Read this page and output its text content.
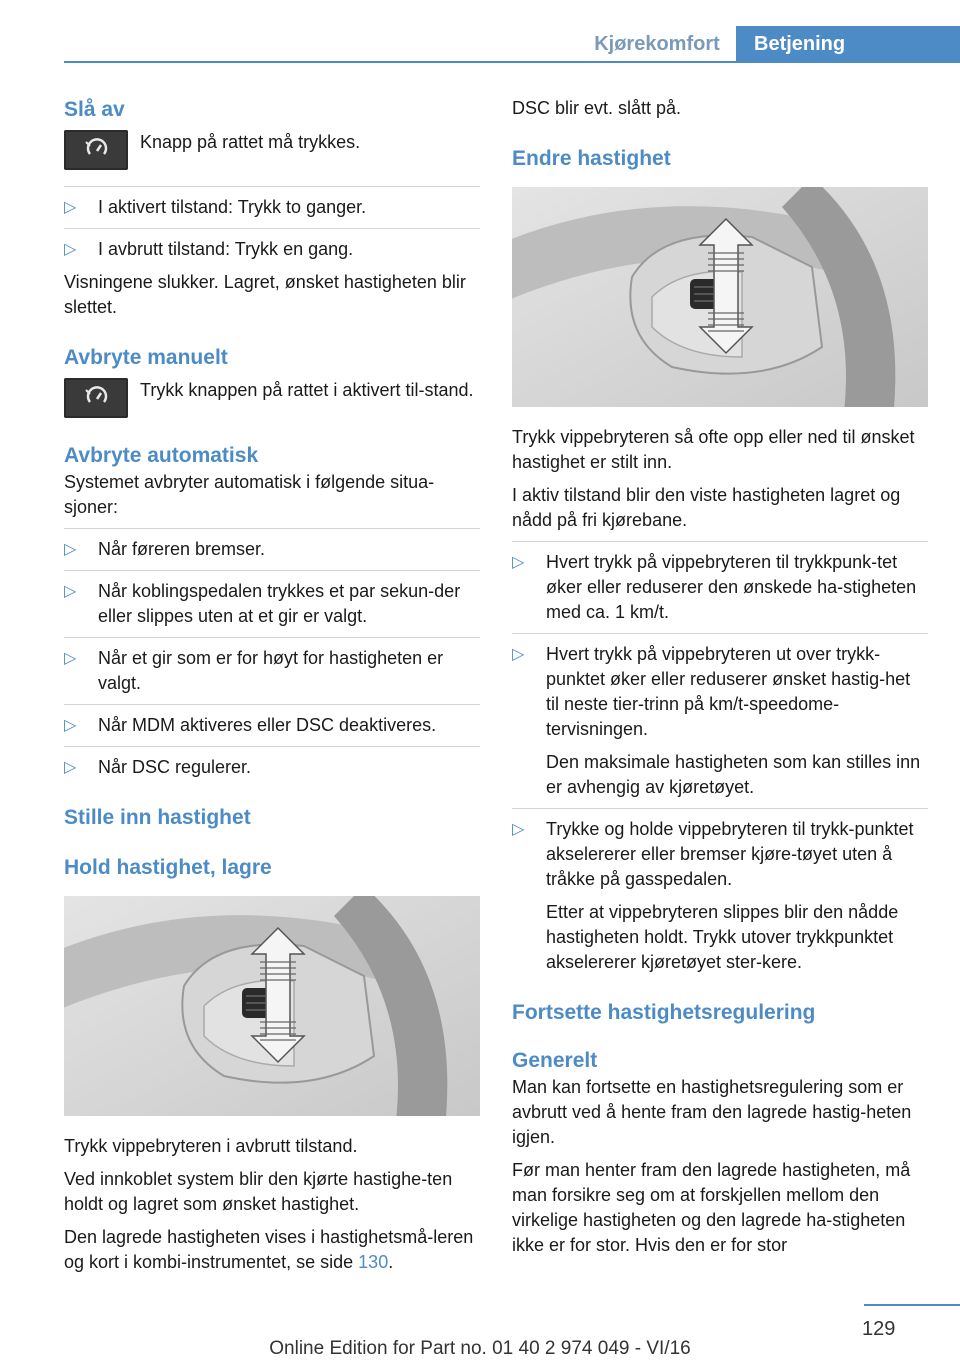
Kjørekomfort	Betjening
Slå av
Knapp på rattet må trykkes.
▷ I aktivert tilstand: Trykk to ganger.
▷ I avbrutt tilstand: Trykk en gang.

Visningene slukker. Lagret, ønsket hastigheten blir slettet.

Avbryte manuelt
Trykk knappen på rattet i aktivert til-stand.
Avbryte automatisk

Systemet avbryter automatisk i følgende situa-sjoner:

▷ Når føreren bremser.
▷ Når koblingspedalen trykkes et par sekun-der eller slippes uten at et gir er valgt.
▷ Når et gir som er for høyt for hastigheten er valgt.
▷ Når MDM aktiveres eller DSC deaktiveres.
▷ Når DSC regulerer.
Stille inn hastighet
Hold hastighet, lagre

Trykk vippebryteren i avbrutt tilstand.

Ved innkoblet system blir den kjørte hastighe-ten holdt og lagret som ønsket hastighet.

Den lagrede hastigheten vises i hastighetsmå-leren og kort i kombi-instrumentet, se side 130.

DSC blir evt. slått på.

Endre hastighet

Trykk vippebryteren så ofte opp eller ned til ønsket hastighet er stilt inn.

I aktiv tilstand blir den viste hastigheten lagret og nådd på fri kjørebane.

▷ Hvert trykk på vippebryteren til trykkpunk-tet øker eller reduserer den ønskede ha-stigheten med ca. 1 km/t.
▷ Hvert trykk på vippebryteren ut over trykk-punktet øker eller reduserer ønsket hastig-het til neste tier-trinn på km/t-speedome-tervisningen.
Den maksimale hastigheten som kan stilles inn er avhengig av kjøretøyet.
▷ Trykke og holde vippebryteren til trykk-punktet akselererer eller bremser kjøre-tøyet uten å tråkke på gasspedalen.
Etter at vippebryteren slippes blir den nådde hastigheten holdt. Trykk utover trykkpunktet akselererer kjøretøyet ster-kere.
Fortsette hastighetsregulering
Generelt

Man kan fortsette en hastighetsregulering som er avbrutt ved å hente fram den lagrede hastig-heten igjen.

Før man henter fram den lagrede hastigheten, må man forsikre seg om at forskjellen mellom den virkelige hastigheten og den lagrede ha-stigheten ikke er for stor. Hvis den er for stor

129
Online Edition for Part no. 01 40 2 974 049 - VI/16
